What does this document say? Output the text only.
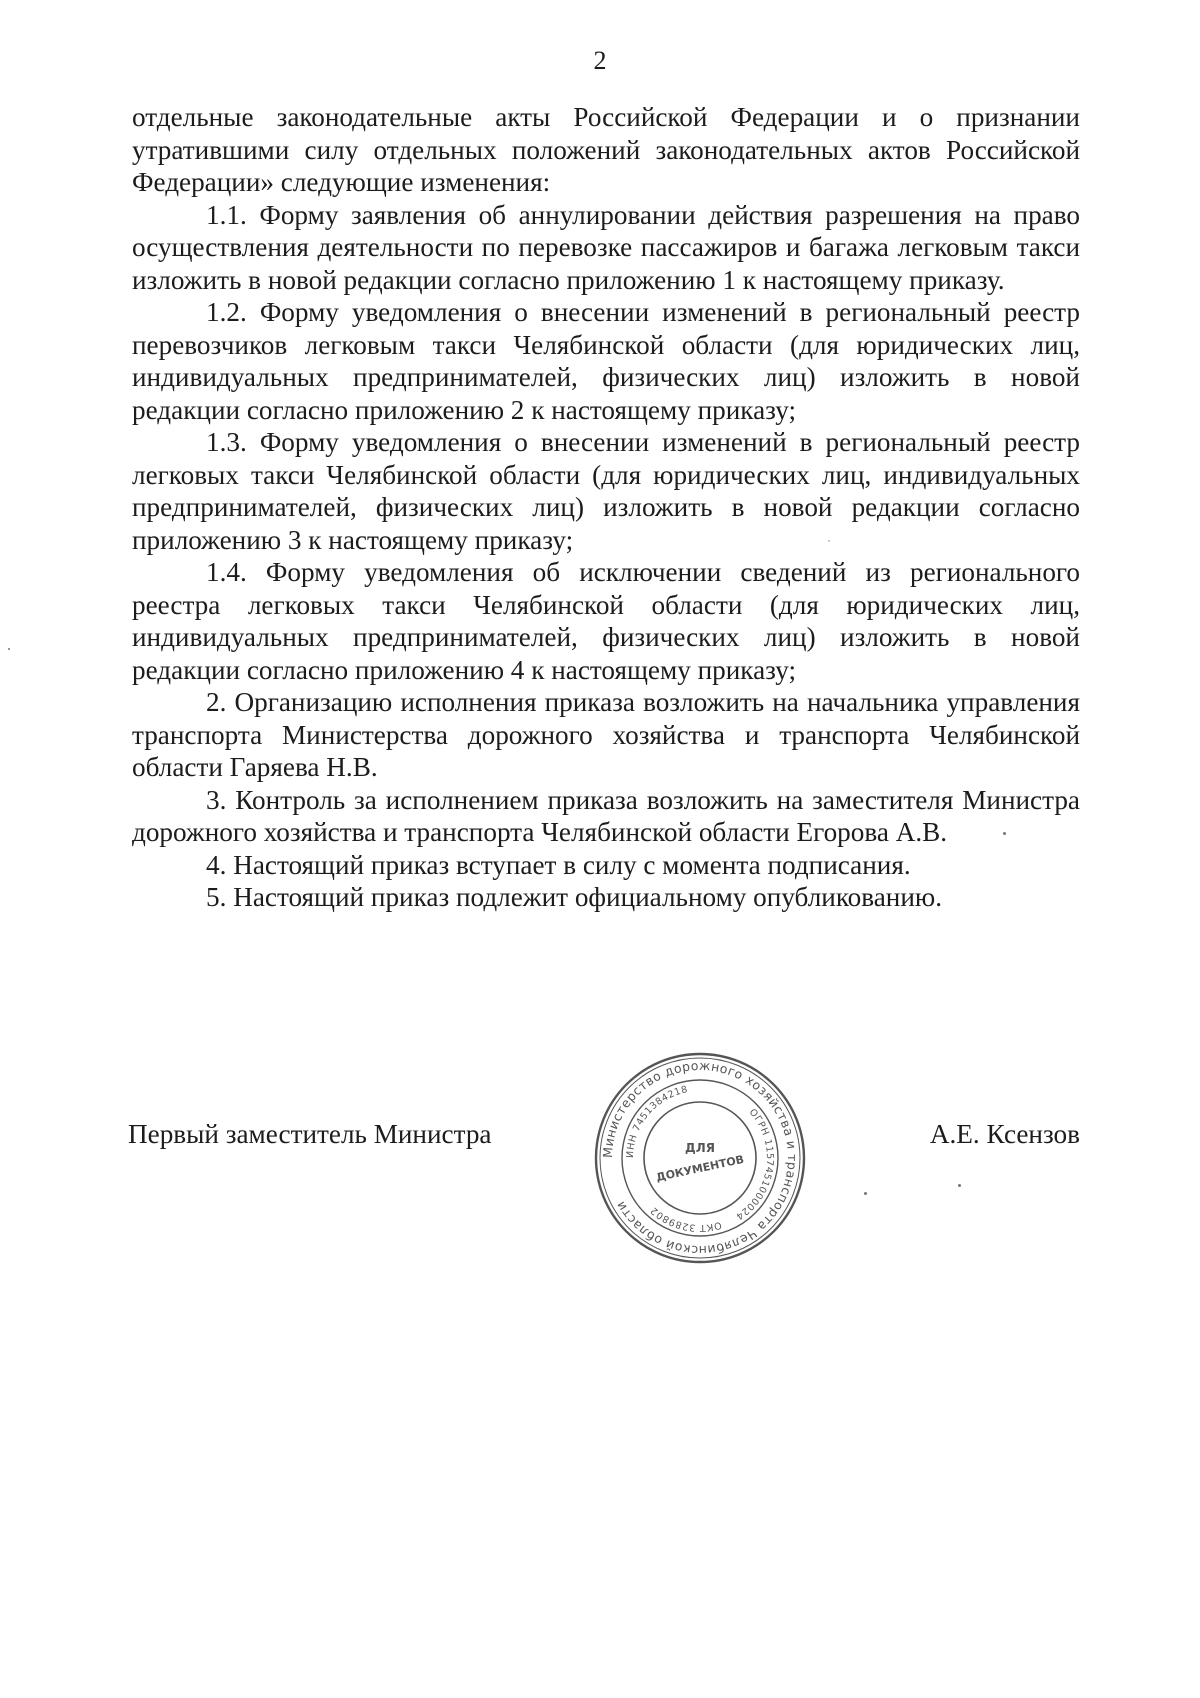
2

отдельные законодательные акты Российской Федерации и о признании утратившими силу отдельных положений законодательных актов Российской Федерации» следующие изменения:

1.1. Форму заявления об аннулировании действия разрешения на право осуществления деятельности по перевозке пассажиров и багажа легковым такси изложить в новой редакции согласно приложению 1 к настоящему приказу.

1.2. Форму уведомления о внесении изменений в региональный реестр перевозчиков легковым такси Челябинской области (для юридических лиц, индивидуальных предпринимателей, физических лиц) изложить в новой редакции согласно приложению 2 к настоящему приказу;

1.3. Форму уведомления о внесении изменений в региональный реестр легковых такси Челябинской области (для юридических лиц, индивидуальных предпринимателей, физических лиц) изложить в новой редакции согласно приложению 3 к настоящему приказу;

1.4. Форму уведомления об исключении сведений из регионального реестра легковых такси Челябинской области (для юридических лиц, индивидуальных предпринимателей, физических лиц) изложить в новой редакции согласно приложению 4 к настоящему приказу;

2. Организацию исполнения приказа возложить на начальника управления транспорта Министерства дорожного хозяйства и транспорта Челябинской области Гаряева Н.В.

3. Контроль за исполнением приказа возложить на заместителя Министра дорожного хозяйства и транспорта Челябинской области Егорова А.В.

4. Настоящий приказ вступает в силу с момента подписания.

5. Настоящий приказ подлежит официальному опубликованию.

Первый заместитель Министра	А.Е. Ксензов
Министерство дорожного хозяйства и транспорта Челябинской области
ОГРН 1157451000024
ИНН 7451384218
ОКТ 3289802
ДЛЯ
ДОКУМЕНТОВ
